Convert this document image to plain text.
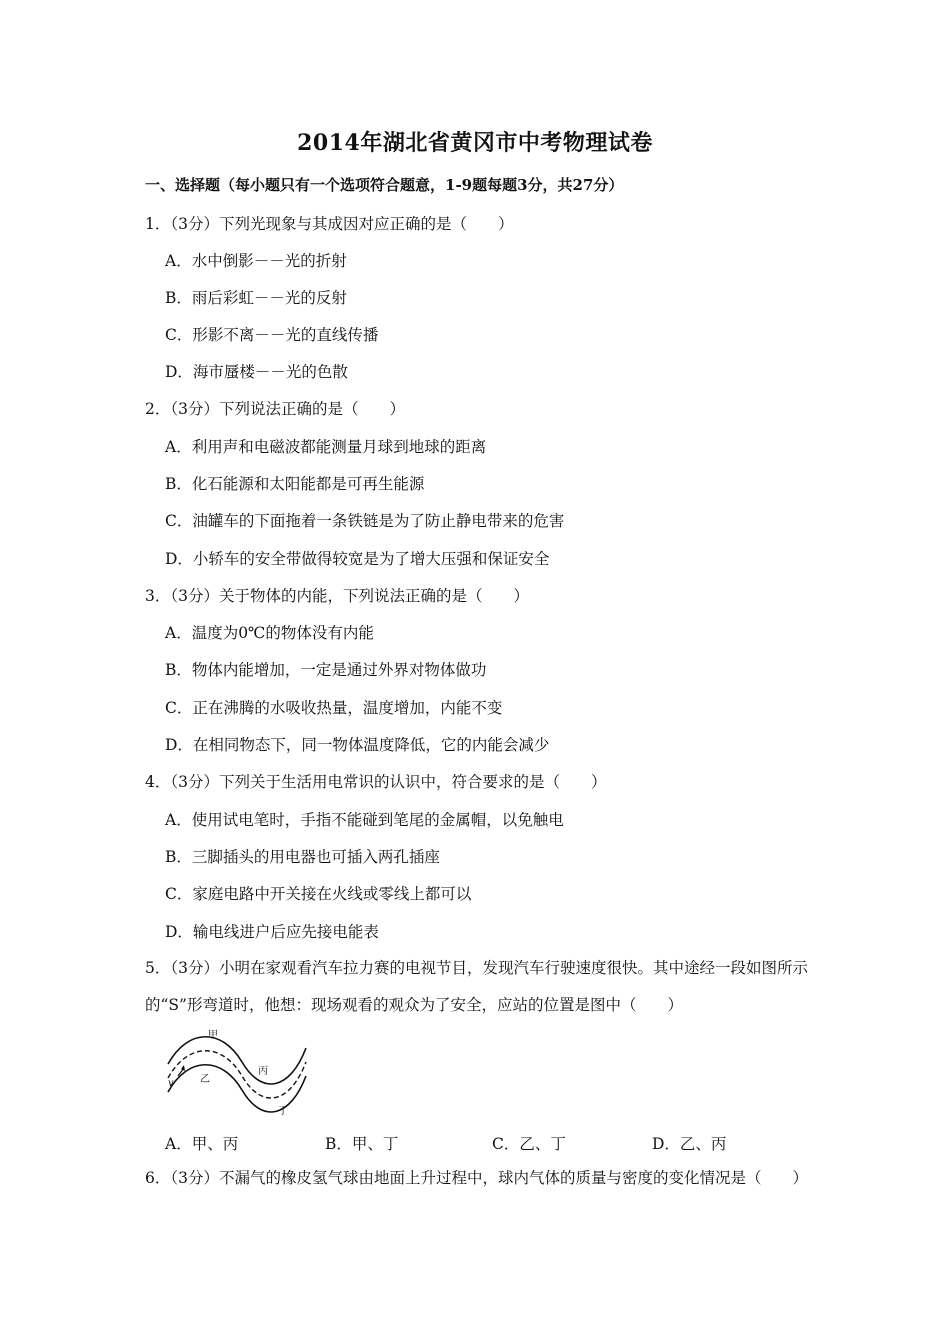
2014年湖北省黄冈市中考物理试卷
一、选择题（每小题只有一个选项符合题意，1-9题每题3分，共27分）
1．（3分）下列光现象与其成因对应正确的是（　　）
A．水中倒影－－光的折射
B．雨后彩虹－－光的反射
C．形影不离－－光的直线传播
D．海市蜃楼－－光的色散
2．（3分）下列说法正确的是（　　）
A．利用声和电磁波都能测量月球到地球的距离
B．化石能源和太阳能都是可再生能源
C．油罐车的下面拖着一条铁链是为了防止静电带来的危害
D．小轿车的安全带做得较宽是为了增大压强和保证安全
3．（3分）关于物体的内能，下列说法正确的是（　　）
A．温度为0℃的物体没有内能
B．物体内能增加，一定是通过外界对物体做功
C．正在沸腾的水吸收热量，温度增加，内能不变
D．在相同物态下，同一物体温度降低，它的内能会减少
4．（3分）下列关于生活用电常识的认识中，符合要求的是（　　）
A．使用试电笔时，手指不能碰到笔尾的金属帽，以免触电
B．三脚插头的用电器也可插入两孔插座
C．家庭电路中开关接在火线或零线上都可以
D．输电线进户后应先接电能表
5．（3分）小明在家观看汽车拉力赛的电视节目，发现汽车行驶速度很快。其中途经一段如图所示的“S”形弯道时，他想：现场观看的观众为了安全，应站的位置是图中（　　）
甲
乙
丙
丁
v
A．甲、丙	B．甲、丁	C．乙、丁	D．乙、丙
6．（3分）不漏气的橡皮氢气球由地面上升过程中，球内气体的质量与密度的变化情况是（　　）
